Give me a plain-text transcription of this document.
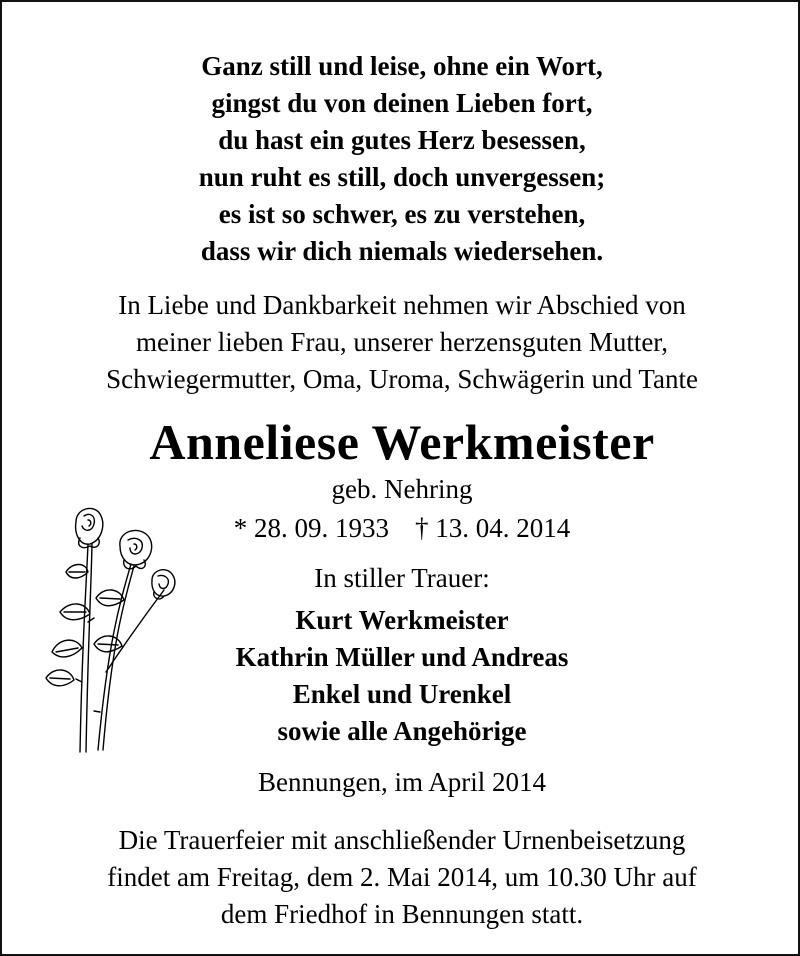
Ganz still und leise, ohne ein Wort,
gingst du von deinen Lieben fort,
du hast ein gutes Herz besessen,
nun ruht es still, doch unvergessen;
es ist so schwer, es zu verstehen,
dass wir dich niemals wiedersehen.
In Liebe und Dankbarkeit nehmen wir Abschied von
meiner lieben Frau, unserer herzensguten Mutter,
Schwiegermutter, Oma, Uroma, Schwägerin und Tante
Anneliese Werkmeister
geb. Nehring
* 28. 09. 1933 † 13. 04. 2014
In stiller Trauer:
Kurt Werkmeister
Kathrin Müller und Andreas
Enkel und Urenkel
sowie alle Angehörige
Bennungen, im April 2014
Die Trauerfeier mit anschließender Urnenbeisetzung
findet am Freitag, dem 2. Mai 2014, um 10.30 Uhr auf
dem Friedhof in Bennungen statt.
